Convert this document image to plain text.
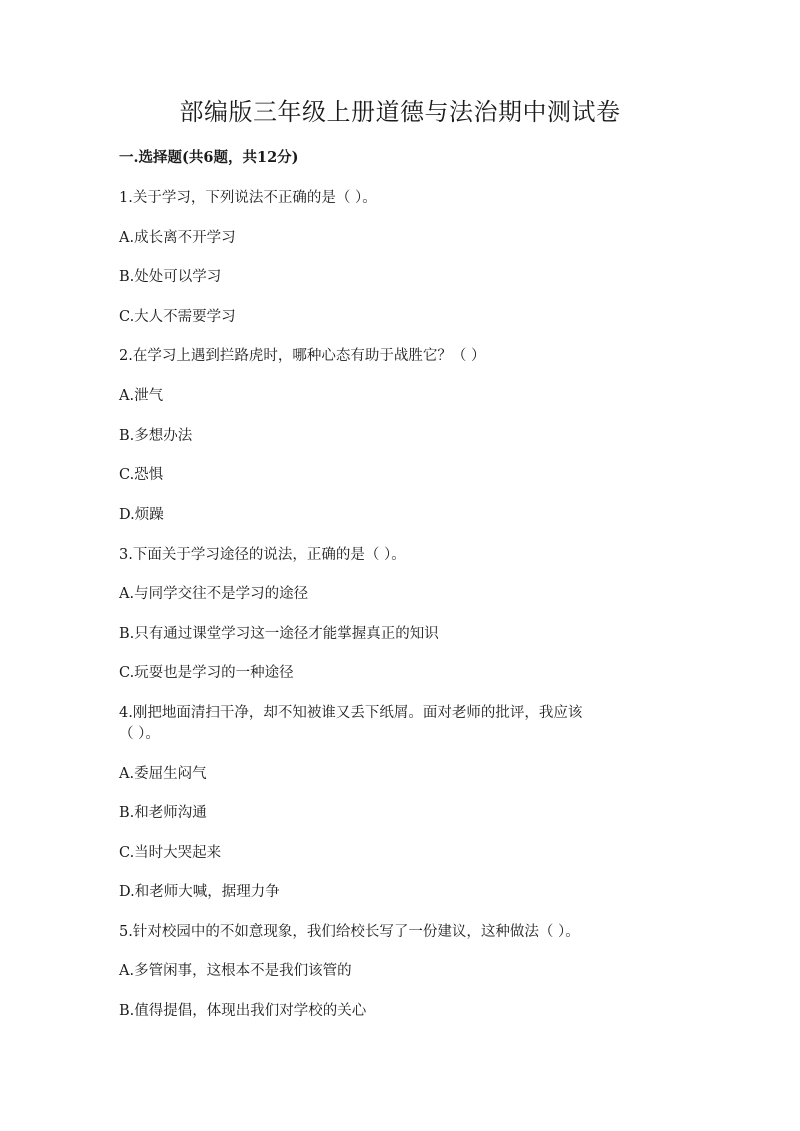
部编版三年级上册道德与法治期中测试卷
一.选择题(共6题，共12分)
1.关于学习，下列说法不正确的是（ ）。
A.成长离不开学习
B.处处可以学习
C.大人不需要学习
2.在学习上遇到拦路虎时，哪种心态有助于战胜它？（ ）
A.泄气
B.多想办法
C.恐惧
D.烦躁
3.下面关于学习途径的说法，正确的是（ ）。
A.与同学交往不是学习的途径
B.只有通过课堂学习这一途径才能掌握真正的知识
C.玩耍也是学习的一种途径
4.刚把地面清扫干净，却不知被谁又丢下纸屑。面对老师的批评，我应该
（ ）。
A.委屈生闷气
B.和老师沟通
C.当时大哭起来
D.和老师大喊，据理力争
5.针对校园中的不如意现象，我们给校长写了一份建议，这种做法（ ）。
A.多管闲事，这根本不是我们该管的
B.值得提倡，体现出我们对学校的关心
